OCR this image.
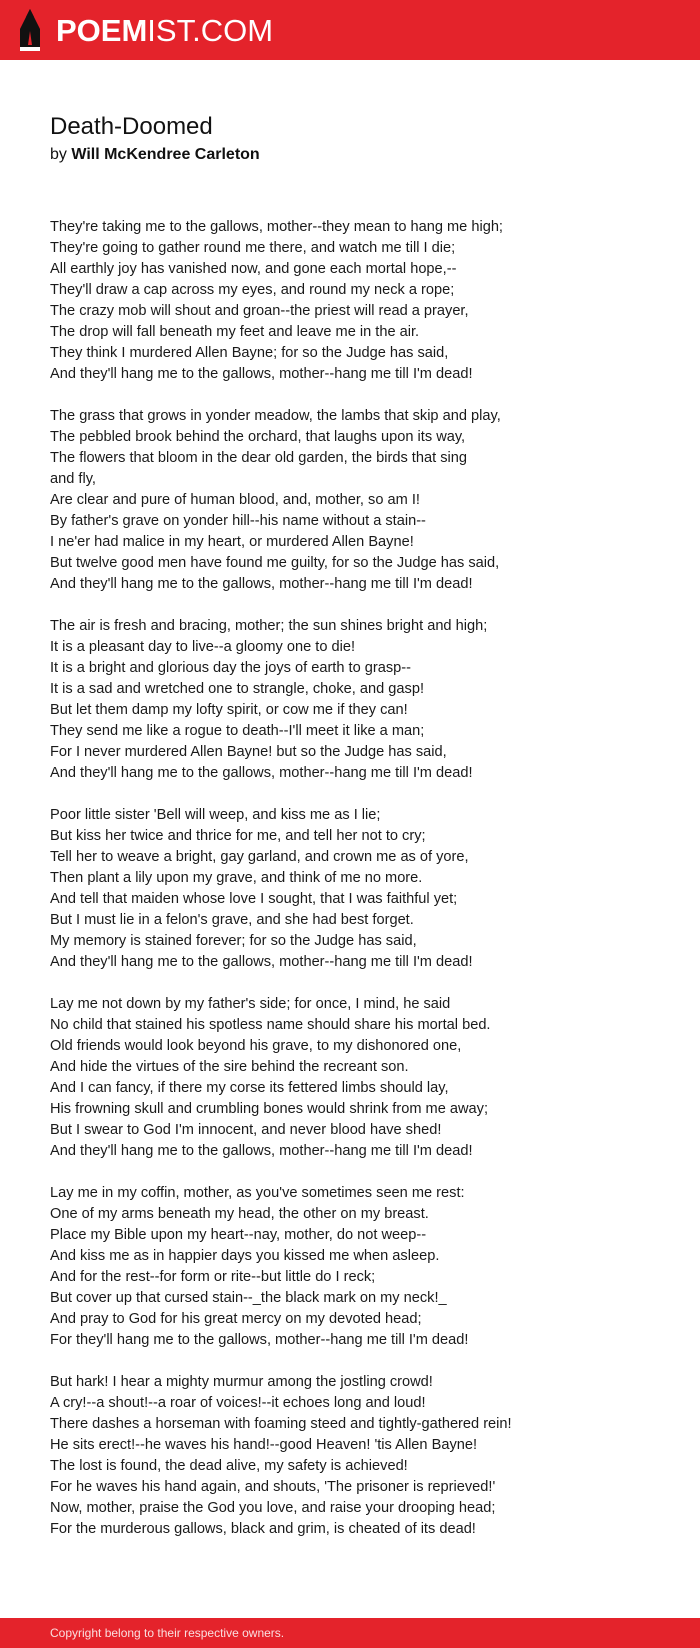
POEMIST.COM
Death-Doomed
by Will McKendree Carleton
They're taking me to the gallows, mother--they mean to hang me high;
They're going to gather round me there, and watch me till I die;
All earthly joy has vanished now, and gone each mortal hope,--
They'll draw a cap across my eyes, and round my neck a rope;
The crazy mob will shout and groan--the priest will read a prayer,
The drop will fall beneath my feet and leave me in the air.
They think I murdered Allen Bayne; for so the Judge has said,
And they'll hang me to the gallows, mother--hang me till I'm dead!
The grass that grows in yonder meadow, the lambs that skip and play,
The pebbled brook behind the orchard, that laughs upon its way,
The flowers that bloom in the dear old garden, the birds that sing
and fly,
Are clear and pure of human blood, and, mother, so am I!
By father's grave on yonder hill--his name without a stain--
I ne'er had malice in my heart, or murdered Allen Bayne!
But twelve good men have found me guilty, for so the Judge has said,
And they'll hang me to the gallows, mother--hang me till I'm dead!
The air is fresh and bracing, mother; the sun shines bright and high;
It is a pleasant day to live--a gloomy one to die!
It is a bright and glorious day the joys of earth to grasp--
It is a sad and wretched one to strangle, choke, and gasp!
But let them damp my lofty spirit, or cow me if they can!
They send me like a rogue to death--I'll meet it like a man;
For I never murdered Allen Bayne! but so the Judge has said,
And they'll hang me to the gallows, mother--hang me till I'm dead!
Poor little sister 'Bell will weep, and kiss me as I lie;
But kiss her twice and thrice for me, and tell her not to cry;
Tell her to weave a bright, gay garland, and crown me as of yore,
Then plant a lily upon my grave, and think of me no more.
And tell that maiden whose love I sought, that I was faithful yet;
But I must lie in a felon's grave, and she had best forget.
My memory is stained forever; for so the Judge has said,
And they'll hang me to the gallows, mother--hang me till I'm dead!
Lay me not down by my father's side; for once, I mind, he said
No child that stained his spotless name should share his mortal bed.
Old friends would look beyond his grave, to my dishonored one,
And hide the virtues of the sire behind the recreant son.
And I can fancy, if there my corse its fettered limbs should lay,
His frowning skull and crumbling bones would shrink from me away;
But I swear to God I'm innocent, and never blood have shed!
And they'll hang me to the gallows, mother--hang me till I'm dead!
Lay me in my coffin, mother, as you've sometimes seen me rest:
One of my arms beneath my head, the other on my breast.
Place my Bible upon my heart--nay, mother, do not weep--
And kiss me as in happier days you kissed me when asleep.
And for the rest--for form or rite--but little do I reck;
But cover up that cursed stain--_the black mark on my neck!_
And pray to God for his great mercy on my devoted head;
For they'll hang me to the gallows, mother--hang me till I'm dead!
But hark! I hear a mighty murmur among the jostling crowd!
A cry!--a shout!--a roar of voices!--it echoes long and loud!
There dashes a horseman with foaming steed and tightly-gathered rein!
He sits erect!--he waves his hand!--good Heaven! 'tis Allen Bayne!
The lost is found, the dead alive, my safety is achieved!
For he waves his hand again, and shouts, 'The prisoner is reprieved!'
Now, mother, praise the God you love, and raise your drooping head;
For the murderous gallows, black and grim, is cheated of its dead!
Copyright belong to their respective owners.
